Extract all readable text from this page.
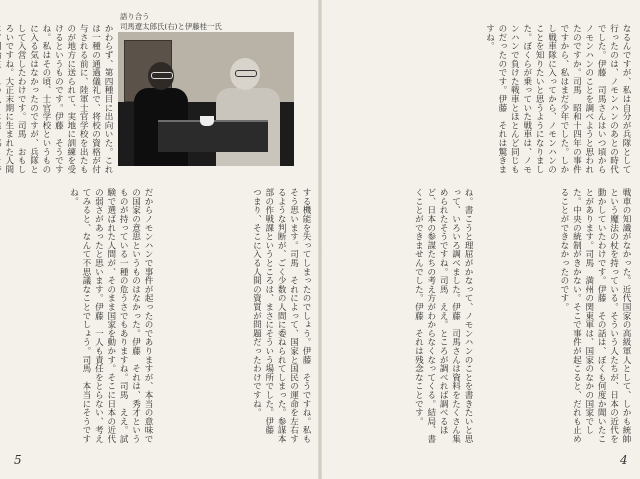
語り合う
司馬遼太郎氏(右)と伊藤桂一氏
かわらず、第四種目に出向いた。これは一種の通過儀礼で、将校の資格が付与される前に、陸軍士官学校を出たものが地方に送られて、実地に訓練を受けるというものです。伊藤　そうですね。私はその頃、士官学校というものに入る気はなかったのですが、兵隊として入営したわけです。司馬　おもしろいですね。大正末期に生まれた人間
する機能を失ってしまったのでしょう。伊藤　そうですね。私もそう思います。司馬　それによって、国家と国民の運命を左右するような判断が、ごく少数の人間に委ねられてしまった。参謀本部の作戦課というところは、まさにそういう場所でした。伊藤　つまり、そこに入る人間の資質が問題だったわけですね。
だからノモンハンで事件が起ったのでありますが、本当の意味での国家の意思というものはなかった。伊藤　それは、秀才というものが持っている一種の危うさでもありますね。司馬　ええ。試験で選ばれた人間が、そのまま国家を動かす。そこに日本の近代の弱さがあったと思います。伊藤　一人も責任をとらない、考えてみると、なんて不思議なことでしょう。司馬　本当にそうですね。
5
なるんですが、私は自分が兵隊として行ったのは、ノモンハンのあとの時代でした。伊藤　司馬さんはいつ頃からノモンハンのことを調べようと思われたのですか。司馬　昭和十四年の事件ですから、私はまだ少年でした。しかし戦車隊に入ってから、ノモンハンのことを知りたいと思うようになりました。ぼくらが乗っていた戦車は、ノモンハンで負けた戦車とほとんど同じものだったのです。伊藤　それは驚きますね。
戦車の知識がなかった。近代国家の高級軍人として、しかも統帥という魔法の杖を持っている。そういう人たちが、日本の近代を動かしていたわけです。伊藤　その話は、ぼくも何度か聞いたことがあります。司馬　満州の関東軍は、国家のなかの国家でした。中央の統制がきかない。そこで事件が起こると、だれも止めることができなかったのです。
ね。書こうと理屈がかなって、ノモンハンのことを書きたいと思って、いろいろ調べました。伊藤　司馬さんは資料をたくさん集められたそうですね。司馬　ええ。ところが調べれば調べるほど、日本の参謀たちの考え方がわからなくなってくる。結局、書くことができませんでした。伊藤　それは残念なことです。
4
